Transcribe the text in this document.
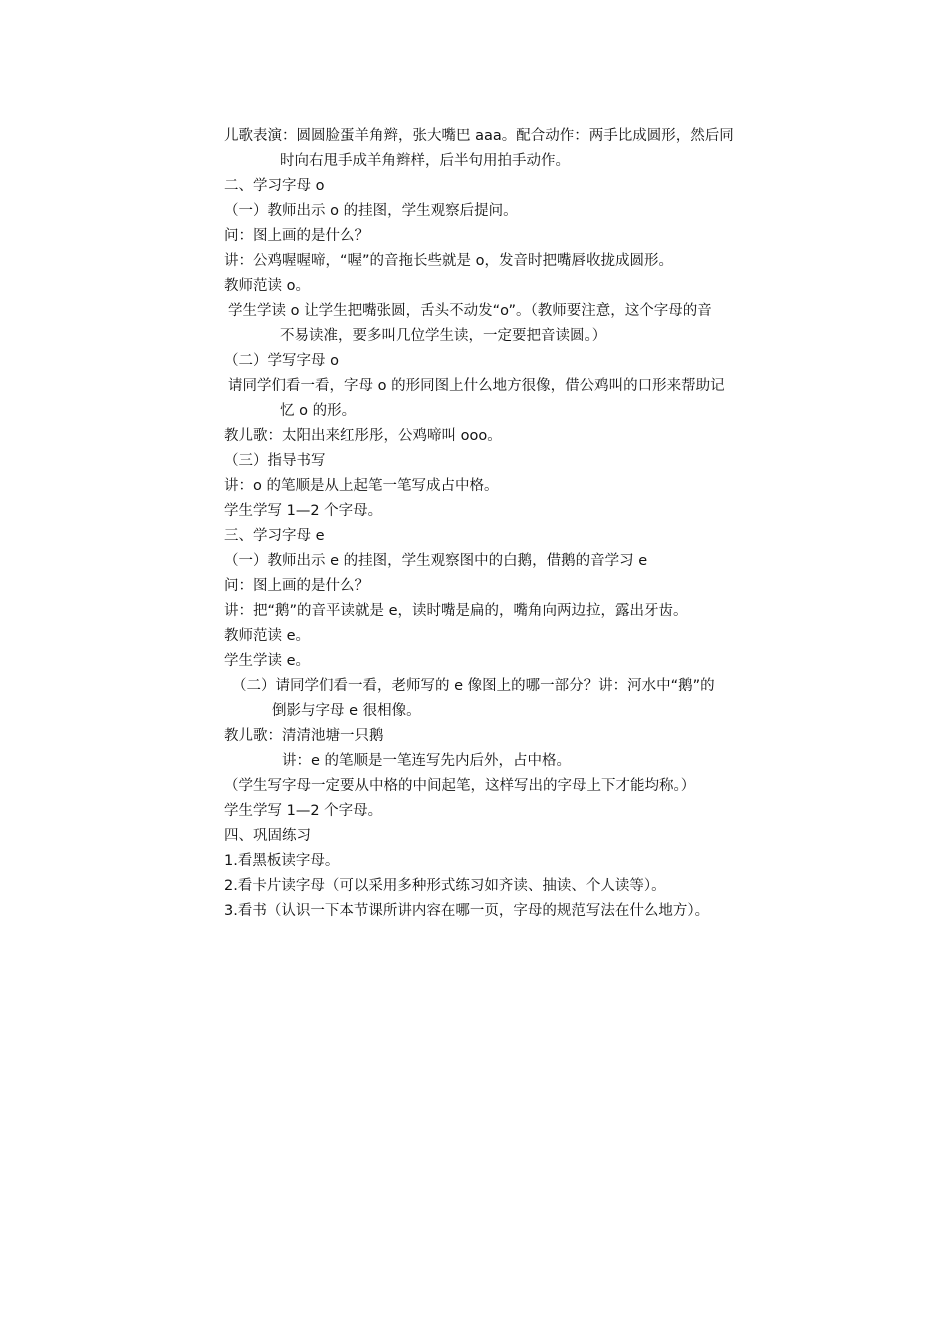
儿歌表演：圆圆脸蛋羊角辫，张大嘴巴 aaa。配合动作：两手比成圆形，然后同
时向右甩手成羊角辫样，后半句用拍手动作。
二、学习字母 o
（一）教师出示 o 的挂图，学生观察后提问。
问：图上画的是什么？
讲：公鸡喔喔啼，“喔”的音拖长些就是 o，发音时把嘴唇收拢成圆形。
教师范读 o。
学生学读 o 让学生把嘴张圆，舌头不动发“o”。（教师要注意，这个字母的音
不易读准，要多叫几位学生读，一定要把音读圆。）
（二）学写字母 o
请同学们看一看，字母 o 的形同图上什么地方很像，借公鸡叫的口形来帮助记
忆 o 的形。
教儿歌：太阳出来红彤彤，公鸡啼叫 ooo。
（三）指导书写
讲：o 的笔顺是从上起笔一笔写成占中格。
学生学写 1—2 个字母。
三、学习字母 e
（一）教师出示 e 的挂图，学生观察图中的白鹅，借鹅的音学习 e
问：图上画的是什么？
讲：把“鹅”的音平读就是 e，读时嘴是扁的，嘴角向两边拉，露出牙齿。
教师范读 e。
学生学读 e。
（二）请同学们看一看，老师写的 e 像图上的哪一部分？讲：河水中“鹅”的
倒影与字母 e 很相像。
教儿歌：清清池塘一只鹅
讲：e 的笔顺是一笔连写先内后外，占中格。
（学生写字母一定要从中格的中间起笔，这样写出的字母上下才能均称。）
学生学写 1—2 个字母。
四、巩固练习
1.看黑板读字母。
2.看卡片读字母（可以采用多种形式练习如齐读、抽读、个人读等）。
3.看书（认识一下本节课所讲内容在哪一页，字母的规范写法在什么地方）。
